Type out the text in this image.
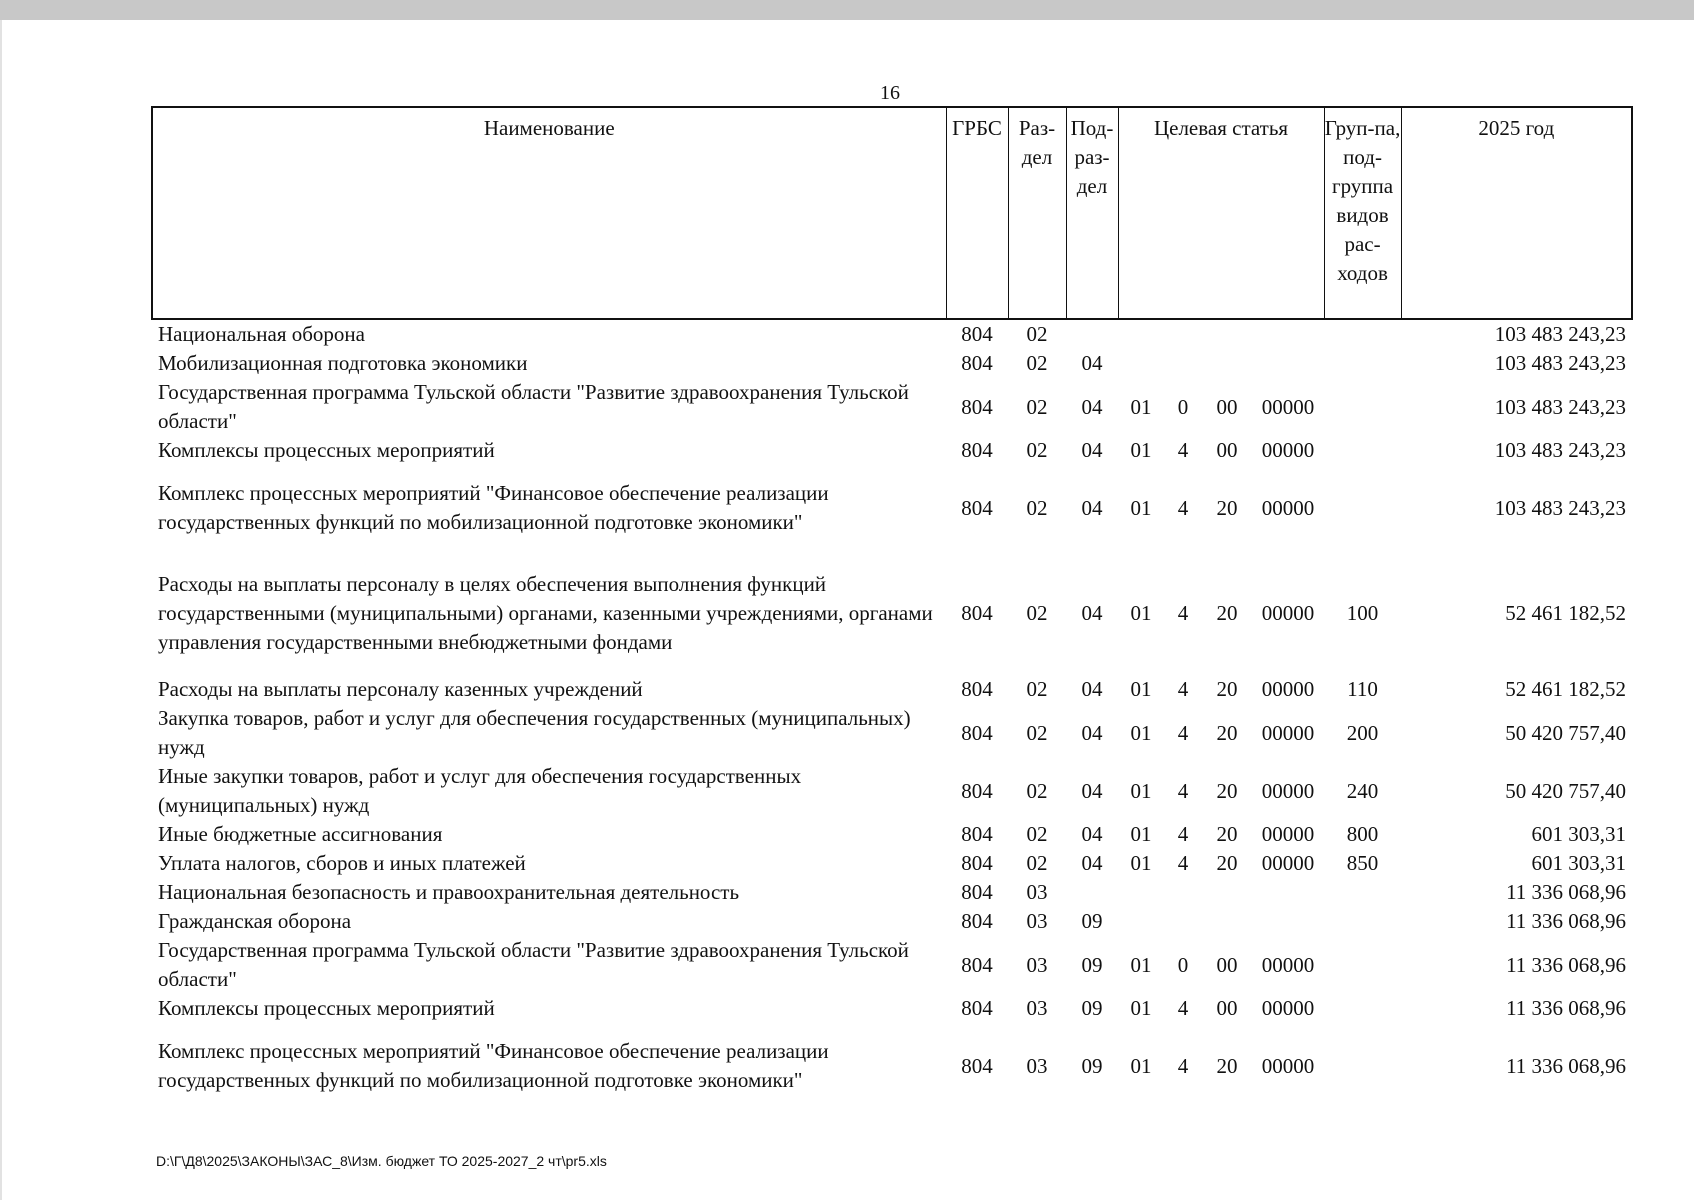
16
Наименование	ГРБС	Раз-дел	Под-раз-дел	Целевая статья				Груп-па, под-группа видов рас-ходов	2025 год
Национальная оборона	804	02							103 483 243,23
Мобилизационная подготовка экономики	804	02	04						103 483 243,23
Государственная программа Тульской области "Развитие здравоохранения Тульской области"	804	02	04	01	0	00	00000		103 483 243,23
Комплексы процессных мероприятий	804	02	04	01	4	00	00000		103 483 243,23
Комплекс процессных мероприятий "Финансовое обеспечение реализации государственных функций по мобилизационной подготовке экономики"	804	02	04	01	4	20	00000		103 483 243,23
Расходы на выплаты персоналу в целях обеспечения выполнения функций государственными (муниципальными) органами, казенными учреждениями, органами управления государственными внебюджетными фондами	804	02	04	01	4	20	00000	100	52 461 182,52
Расходы на выплаты персоналу казенных учреждений	804	02	04	01	4	20	00000	110	52 461 182,52
Закупка товаров, работ и услуг для обеспечения государственных (муниципальных) нужд	804	02	04	01	4	20	00000	200	50 420 757,40
Иные закупки товаров, работ и услуг для обеспечения государственных (муниципальных) нужд	804	02	04	01	4	20	00000	240	50 420 757,40
Иные бюджетные ассигнования	804	02	04	01	4	20	00000	800	601 303,31
Уплата налогов, сборов и иных платежей	804	02	04	01	4	20	00000	850	601 303,31
Национальная безопасность и правоохранительная деятельность	804	03							11 336 068,96
Гражданская оборона	804	03	09						11 336 068,96
Государственная программа Тульской области "Развитие здравоохранения Тульской области"	804	03	09	01	0	00	00000		11 336 068,96
Комплексы процессных мероприятий	804	03	09	01	4	00	00000		11 336 068,96
Комплекс процессных мероприятий "Финансовое обеспечение реализации государственных функций по мобилизационной подготовке экономики"	804	03	09	01	4	20	00000		11 336 068,96
D:\Г\Д8\2025\ЗАКОНЫ\ЗАС_8\Изм. бюджет ТО 2025-2027_2 чт\pr5.xls
